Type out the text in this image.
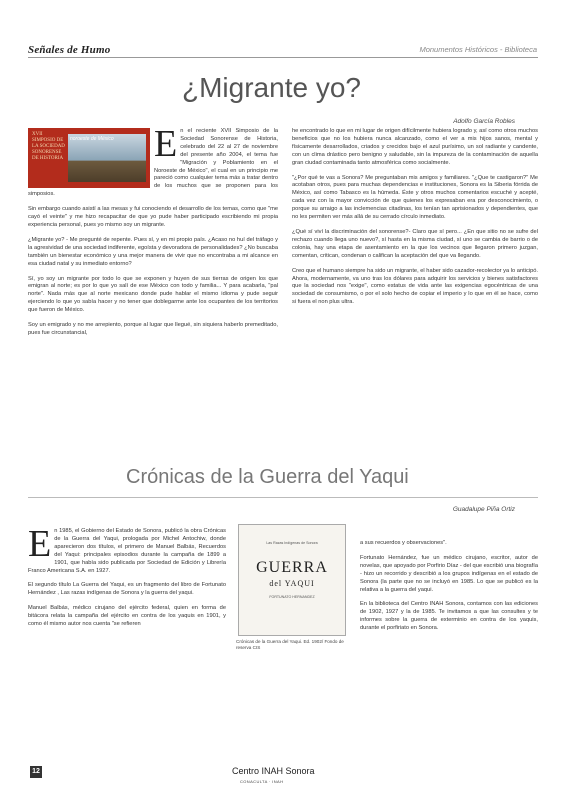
Señales de Humo	Monumentos Históricos - Biblioteca
¿Migrante yo?
Adolfo García Robles
XVII SIMPOSIO DE LA SOCIEDAD SONORENSE DE HISTORIA
noroeste de México E n el reciente XVII Simposio de la Sociedad Sonorense de Historia, celebrado del 22 al 27 de noviembre del presente año 2004, el tema fue "Migración y Poblamiento en el Noroeste de México", el cual en un principio me pareció como cualquier tema más a tratar dentro de los muchos que se proponen para los simposios.

Sin embargo cuando asistí a las mesas y fui conociendo el desarrollo de los temas, como que "me cayó el veinte" y me hizo recapacitar de que yo pude haber participado escribiendo mi propia experiencia personal, pues yo mismo soy un migrante.

¿Migrante yo? - Me pregunté de repente. Pues sí, y en mi propio país. ¿Acaso no huí del tráfago y la agresividad de una sociedad indiferente, egoísta y devoradora de personalidades? ¿No buscaba también un bienestar económico y una mejor manera de vivir que no encontraba a mi alcance en esa ciudad natal y su inmediato entorno?

Sí, yo soy un migrante por todo lo que se exponen y huyen de sus tierras de origen los que emigran al norte; es por lo que yo salí de ese México con todo y familia... Y para acabarla, "pal norte". Nada más que al norte mexicano donde pude hablar el mismo idioma y pude seguir ejerciendo lo que yo sabía hacer y no tener que doblegarme ante los ocupantes de los territorios que fueron de México.

Soy un emigrado y no me arrepiento, porque al lugar que llegué, sin siquiera haberlo premeditado, pues fue circunstancial,

he encontrado lo que en mi lugar de origen difícilmente hubiera logrado y, así como otros muchos beneficios que no los hubiera nunca alcanzado, como el ver a mis hijos sanos, mental y físicamente desarrollados, criados y crecidos bajo el azul purísimo, un sol radiante y candente, con un clima drástico pero benigno y saludable, sin la impureza de la contaminación de aquella gran ciudad contaminada tanto atmosférica como socialmente.

"¿Por qué te vas a Sonora? Me preguntaban mis amigos y familiares. "¿Que te castigaron?" Me acotaban otros, pues para muchas dependencias e instituciones, Sonora es la Siberia fórrida de México, así como Tabasco es la húmeda. Éste y otros muchos comentarios escuché y acepté, cada vez con la mayor convicción de que quienes los expresaban era por desconocimiento, o porque su arraigo a las inclemencias citadinas, los tenían tan aprisionados y dependientes, que no les permiten ver más allá de su cerrado círculo inmediato.

¿Qué sí viví la discriminación del sonorense?- Claro que sí pero... ¿En que sitio no se sufre del rechazo cuando llega uno nuevo?, sí hasta en la misma ciudad, sí uno se cambia de barrio o de colonia, hay una etapa de asentamiento en la que los vecinos que llegaron primero juzgan, comentan, critican, condenan o califican la aceptación del que va llegando.

Creo que el humano siempre ha sido un migrante, el haber sido cazador-recolector ya lo anticipó. Ahora, modernamente, va uno tras los dólares para adquirir los servicios y bienes satisfactores que la sociedad nos "exige", como estatus de vida ante las exigencias egocéntricas de una sociedad de consumismo, o por el solo hecho de copiar el imperio y lo que en él se hace, como si fuera el non plus ultra.

Crónicas de la Guerra del Yaqui
Guadalupe Piña Ortiz
E n 1985, el Gobierno del Estado de Sonora, publicó la obra Crónicas de la Guerra del Yaqui, prologada por Michel Antochiw, donde aparecieron dos títulos, el primero de Manuel Balbás, Recuerdos del Yaqui: principales episodios durante la campaña de 1899 a 1901, que había sido publicada por Sociedad de Edición y Librería Franco Americana S.A. en 1927.

El segundo título La Guerra del Yaqui, es un fragmento del libro de Fortunato Hernández , Las razas indígenas de Sonora y la guerra del yaqui.

Manuel Balbás, médico cirujano del ejército federal, quien en forma de bitácora relata la campaña del ejército en contra de los yaquis en 1901, y como él mismo autor nos cuenta "se refieren

Las Razas Indígenas de Sonora
GUERRA
del YAQUI
FORTUNATO HERNANDEZ
Crónicas de la Guerra del Yaqui. Ed. 1902/ Fondo de reserva CIS

a sus recuerdos y observaciones".

Fortunato Hernández, fue un médico cirujano, escritor, autor de novelas, que apoyado por Porfirio Díaz - del que escribió una biografía - hizo un recorrido y describió a los grupos indígenas en el estado de Sonora (la parte que no se incluyó en 1985. Lo que se publicó es la relativa a la guerra del yaqui.

En la biblioteca del Centro INAH Sonora, contamos con las ediciones de 1902, 1927 y la de 1985. Te invitamos a que las consultes y te informes sobre la guerra de exterminio en contra de los yaquis, durante el porfiriato en Sonora.

12	Centro INAH Sonora
CONACULTA · INAH
